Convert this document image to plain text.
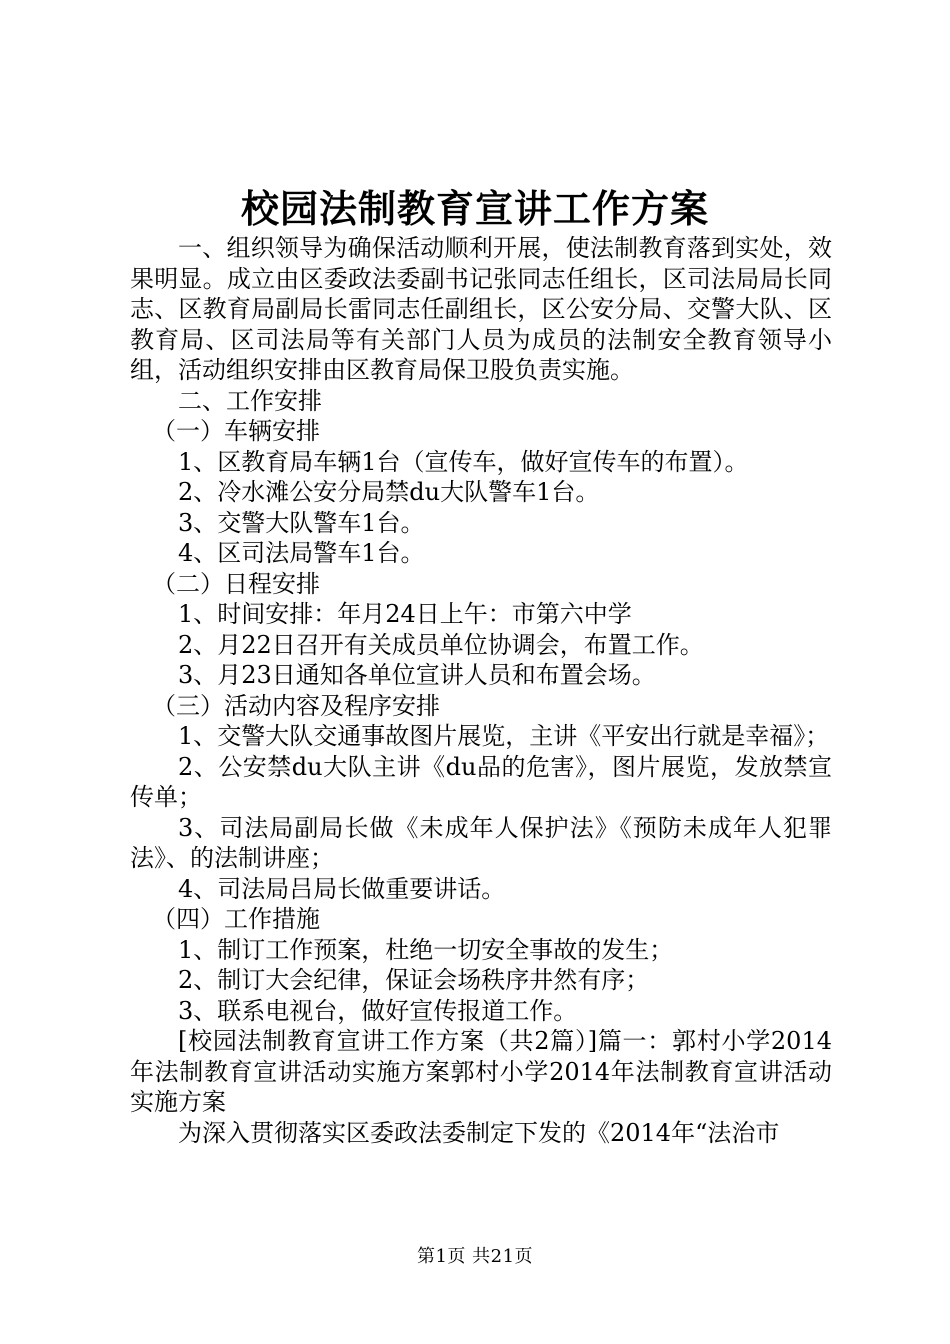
校园法制教育宣讲工作方案

一、组织领导为确保活动顺利开展，使法制教育落到实处，效果明显。成立由区委政法委副书记张同志任组长，区司法局局长同志、区教育局副局长雷同志任副组长，区公安分局、交警大队、区教育局、区司法局等有关部门人员为成员的法制安全教育领导小组，活动组织安排由区教育局保卫股负责实施。

二、工作安排

（一）车辆安排

1、区教育局车辆1台（宣传车，做好宣传车的布置）。

2、冷水滩公安分局禁du大队警车1台。

3、交警大队警车1台。

4、区司法局警车1台。

（二）日程安排

1、时间安排：年月24日上午：市第六中学

2、月22日召开有关成员单位协调会，布置工作。

3、月23日通知各单位宣讲人员和布置会场。

（三）活动内容及程序安排

1、交警大队交通事故图片展览，主讲《平安出行就是幸福》；

2、公安禁du大队主讲《du品的危害》，图片展览，发放禁宣传单；

3、司法局副局长做《未成年人保护法》《预防未成年人犯罪法》、的法制讲座；

4、司法局吕局长做重要讲话。

（四）工作措施

1、制订工作预案，杜绝一切安全事故的发生；

2、制订大会纪律，保证会场秩序井然有序；

3、联系电视台，做好宣传报道工作。

[校园法制教育宣讲工作方案（共2篇）]篇一：郭村小学2014年法制教育宣讲活动实施方案郭村小学2014年法制教育宣讲活动实施方案

为深入贯彻落实区委政法委制定下发的《2014年“法治市

第1页 共21页
